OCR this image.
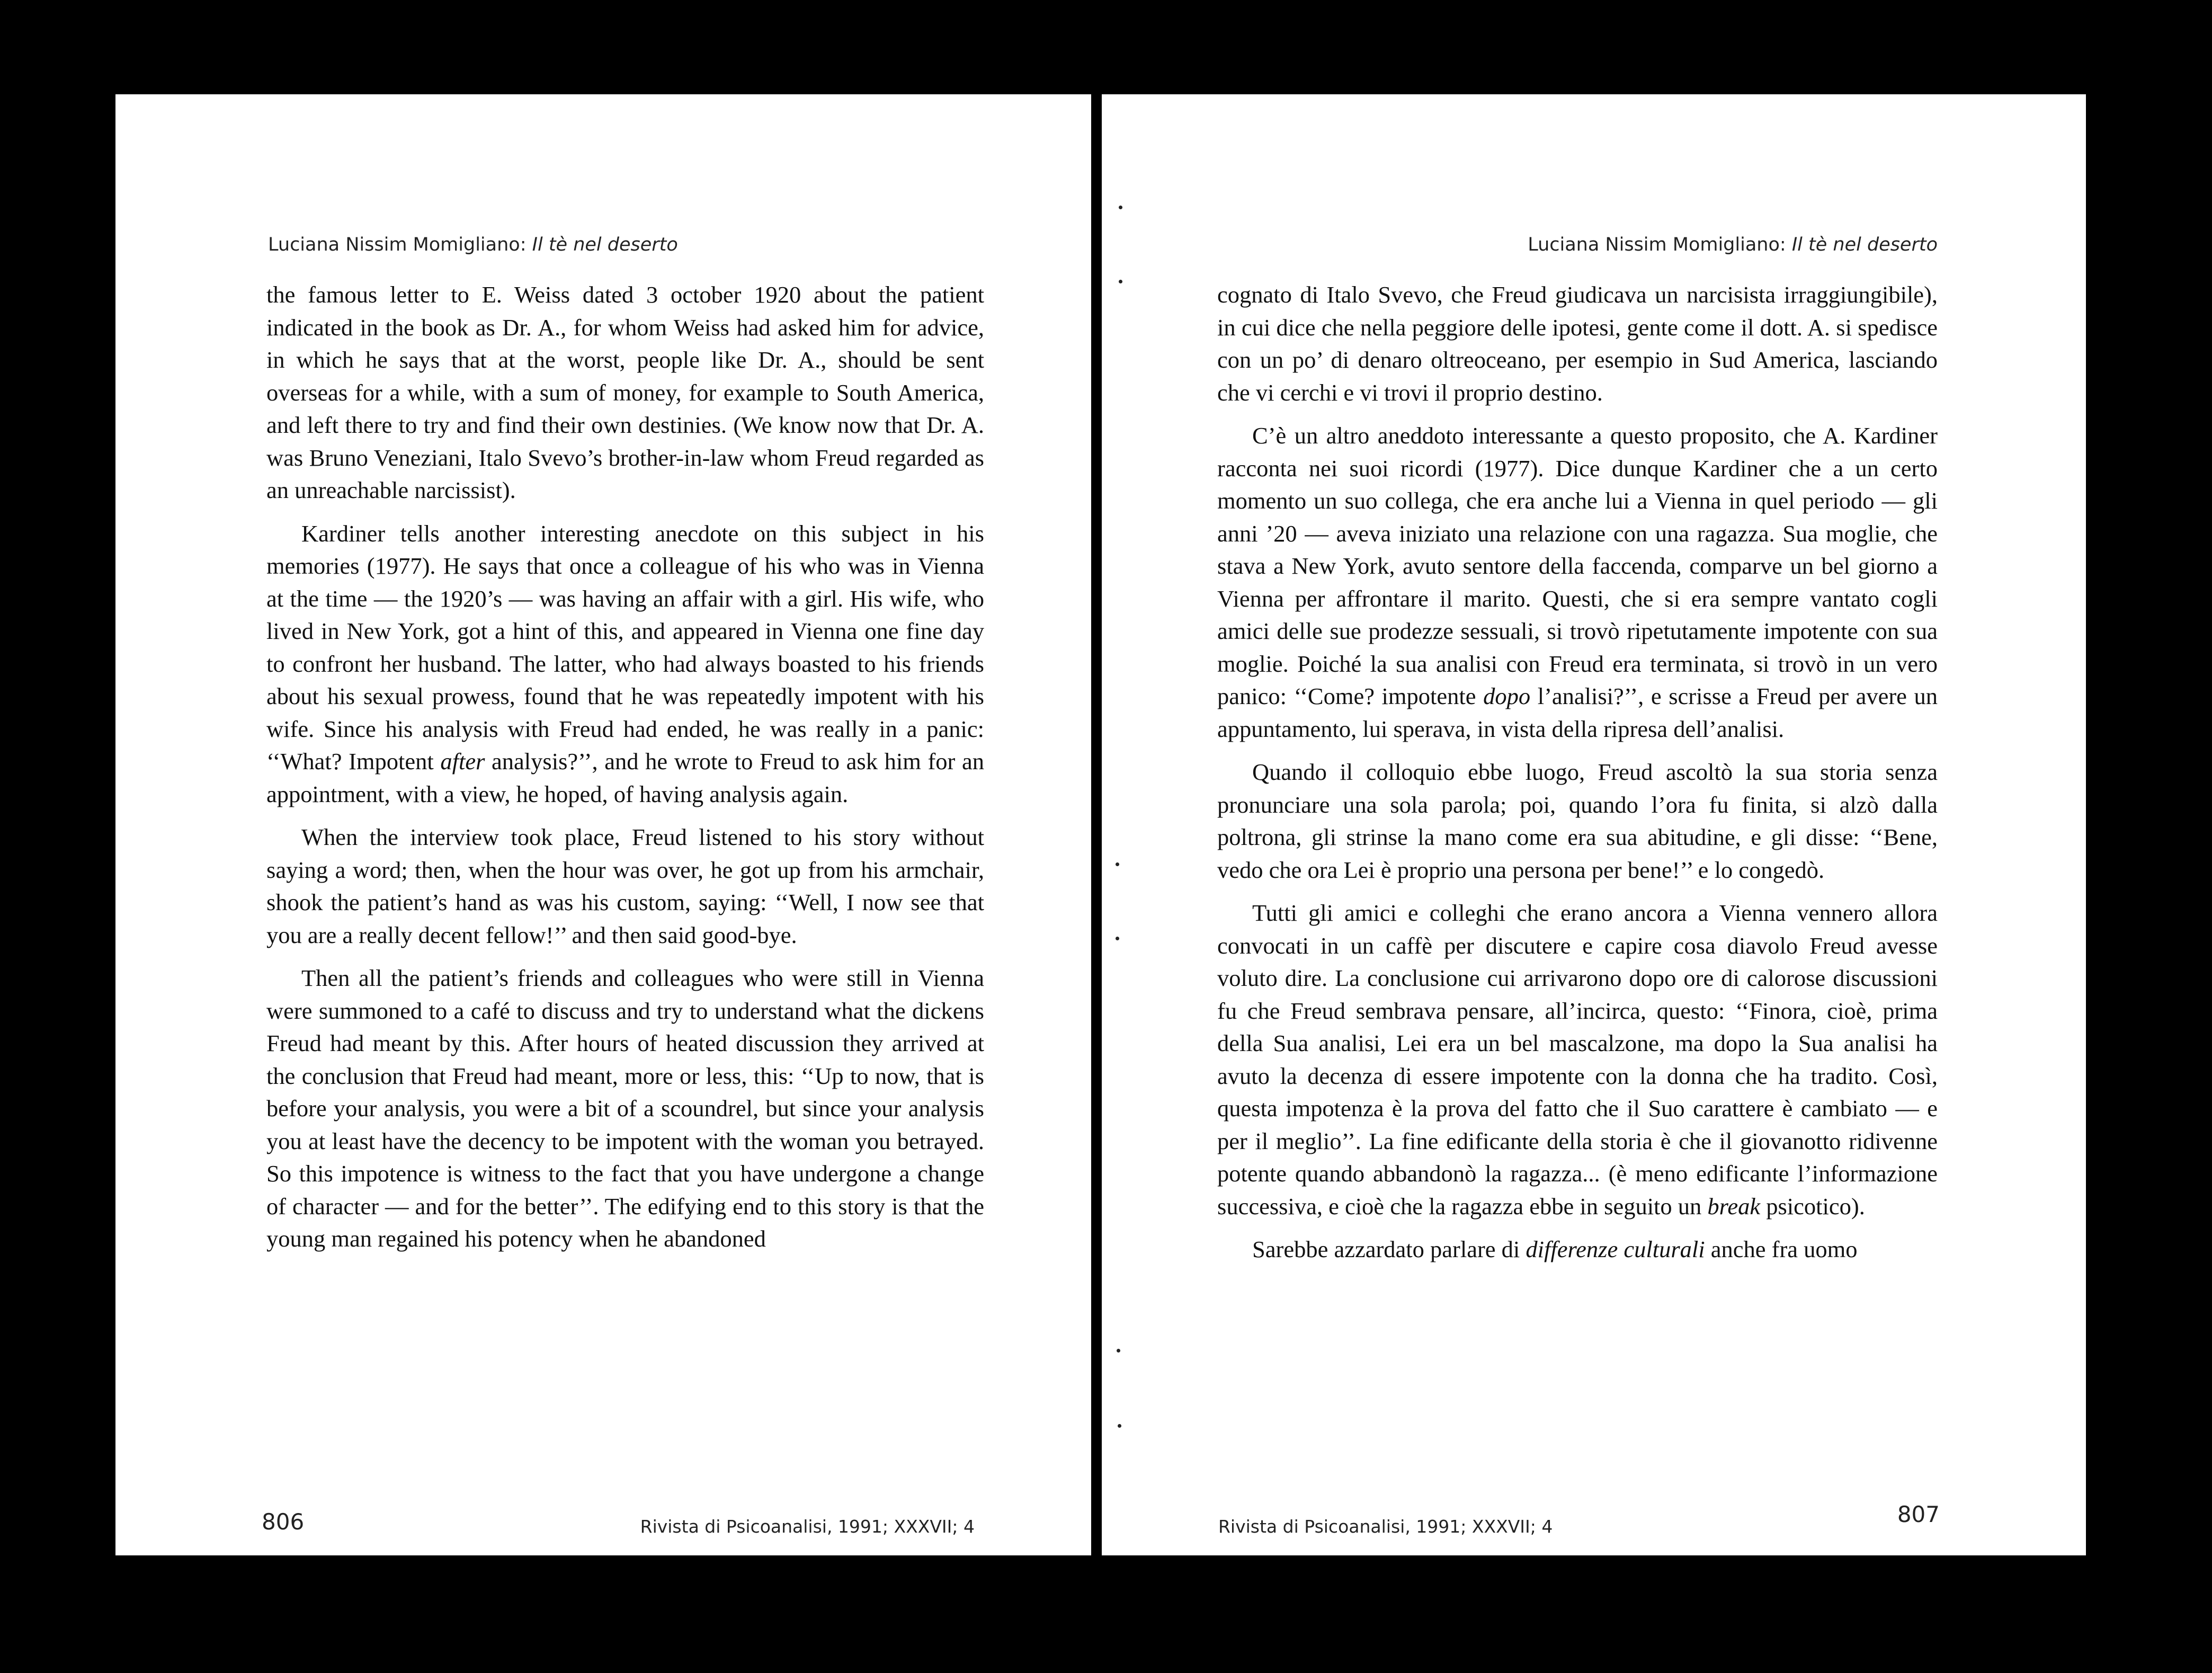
Luciana Nissim Momigliano: Il tè nel deserto

the famous letter to E. Weiss dated 3 october 1920 about the patient indicated in the book as Dr. A., for whom Weiss had asked him for advice, in which he says that at the worst, people like Dr. A., should be sent overseas for a while, with a sum of money, for example to South America, and left there to try and find their own destinies. (We know now that Dr. A. was Bruno Veneziani, Italo Svevo’s brother-in-law whom Freud regarded as an unreachable narcissist).

Kardiner tells another interesting anecdote on this subject in his memories (1977). He says that once a colleague of his who was in Vienna at the time — the 1920’s — was having an affair with a girl. His wife, who lived in New York, got a hint of this, and appeared in Vienna one fine day to confront her husband. The latter, who had always boasted to his friends about his sexual prowess, found that he was repeatedly impotent with his wife. Since his analysis with Freud had ended, he was really in a panic: ‘‘What? Impotent after analysis?’’, and he wrote to Freud to ask him for an appointment, with a view, he hoped, of having analysis again.

When the interview took place, Freud listened to his story without saying a word; then, when the hour was over, he got up from his armchair, shook the patient’s hand as was his custom, saying: ‘‘Well, I now see that you are a really decent fellow!’’ and then said good-bye.

Then all the patient’s friends and colleagues who were still in Vienna were summoned to a café to discuss and try to understand what the dickens Freud had meant by this. After hours of heated discussion they arrived at the conclusion that Freud had meant, more or less, this: ‘‘Up to now, that is before your analysis, you were a bit of a scoundrel, but since your analysis you at least have the decency to be impotent with the woman you betrayed. So this impotence is witness to the fact that you have undergone a change of character — and for the better’’. The edifying end to this story is that the young man regained his potency when he abandoned

806	Rivista di Psicoanalisi, 1991; XXXVII; 4
Luciana Nissim Momigliano: Il tè nel deserto

cognato di Italo Svevo, che Freud giudicava un narcisista irraggiungibile), in cui dice che nella peggiore delle ipotesi, gente come il dott. A. si spedisce con un po’ di denaro oltreoceano, per esempio in Sud America, lasciando che vi cerchi e vi trovi il proprio destino.

C’è un altro aneddoto interessante a questo proposito, che A. Kardiner racconta nei suoi ricordi (1977). Dice dunque Kardiner che a un certo momento un suo collega, che era anche lui a Vienna in quel periodo — gli anni ’20 — aveva iniziato una relazione con una ragazza. Sua moglie, che stava a New York, avuto sentore della faccenda, comparve un bel giorno a Vienna per affrontare il marito. Questi, che si era sempre vantato cogli amici delle sue prodezze sessuali, si trovò ripetutamente impotente con sua moglie. Poiché la sua analisi con Freud era terminata, si trovò in un vero panico: ‘‘Come? impotente dopo l’analisi?’’, e scrisse a Freud per avere un appuntamento, lui sperava, in vista della ripresa dell’analisi.

Quando il colloquio ebbe luogo, Freud ascoltò la sua storia senza pronunciare una sola parola; poi, quando l’ora fu finita, si alzò dalla poltrona, gli strinse la mano come era sua abitudine, e gli disse: ‘‘Bene, vedo che ora Lei è proprio una persona per bene!’’ e lo congedò.

Tutti gli amici e colleghi che erano ancora a Vienna vennero allora convocati in un caffè per discutere e capire cosa diavolo Freud avesse voluto dire. La conclusione cui arrivarono dopo ore di calorose discussioni fu che Freud sembrava pensare, all’incirca, questo: ‘‘Finora, cioè, prima della Sua analisi, Lei era un bel mascalzone, ma dopo la Sua analisi ha avuto la decenza di essere impotente con la donna che ha tradito. Così, questa impotenza è la prova del fatto che il Suo carattere è cambiato — e per il meglio’’. La fine edificante della storia è che il giovanotto ridivenne potente quando abbandonò la ragazza... (è meno edificante l’informazione successiva, e cioè che la ragazza ebbe in seguito un break psicotico).

Sarebbe azzardato parlare di differenze culturali anche fra uomo

807
Rivista di Psicoanalisi, 1991; XXXVII; 4
